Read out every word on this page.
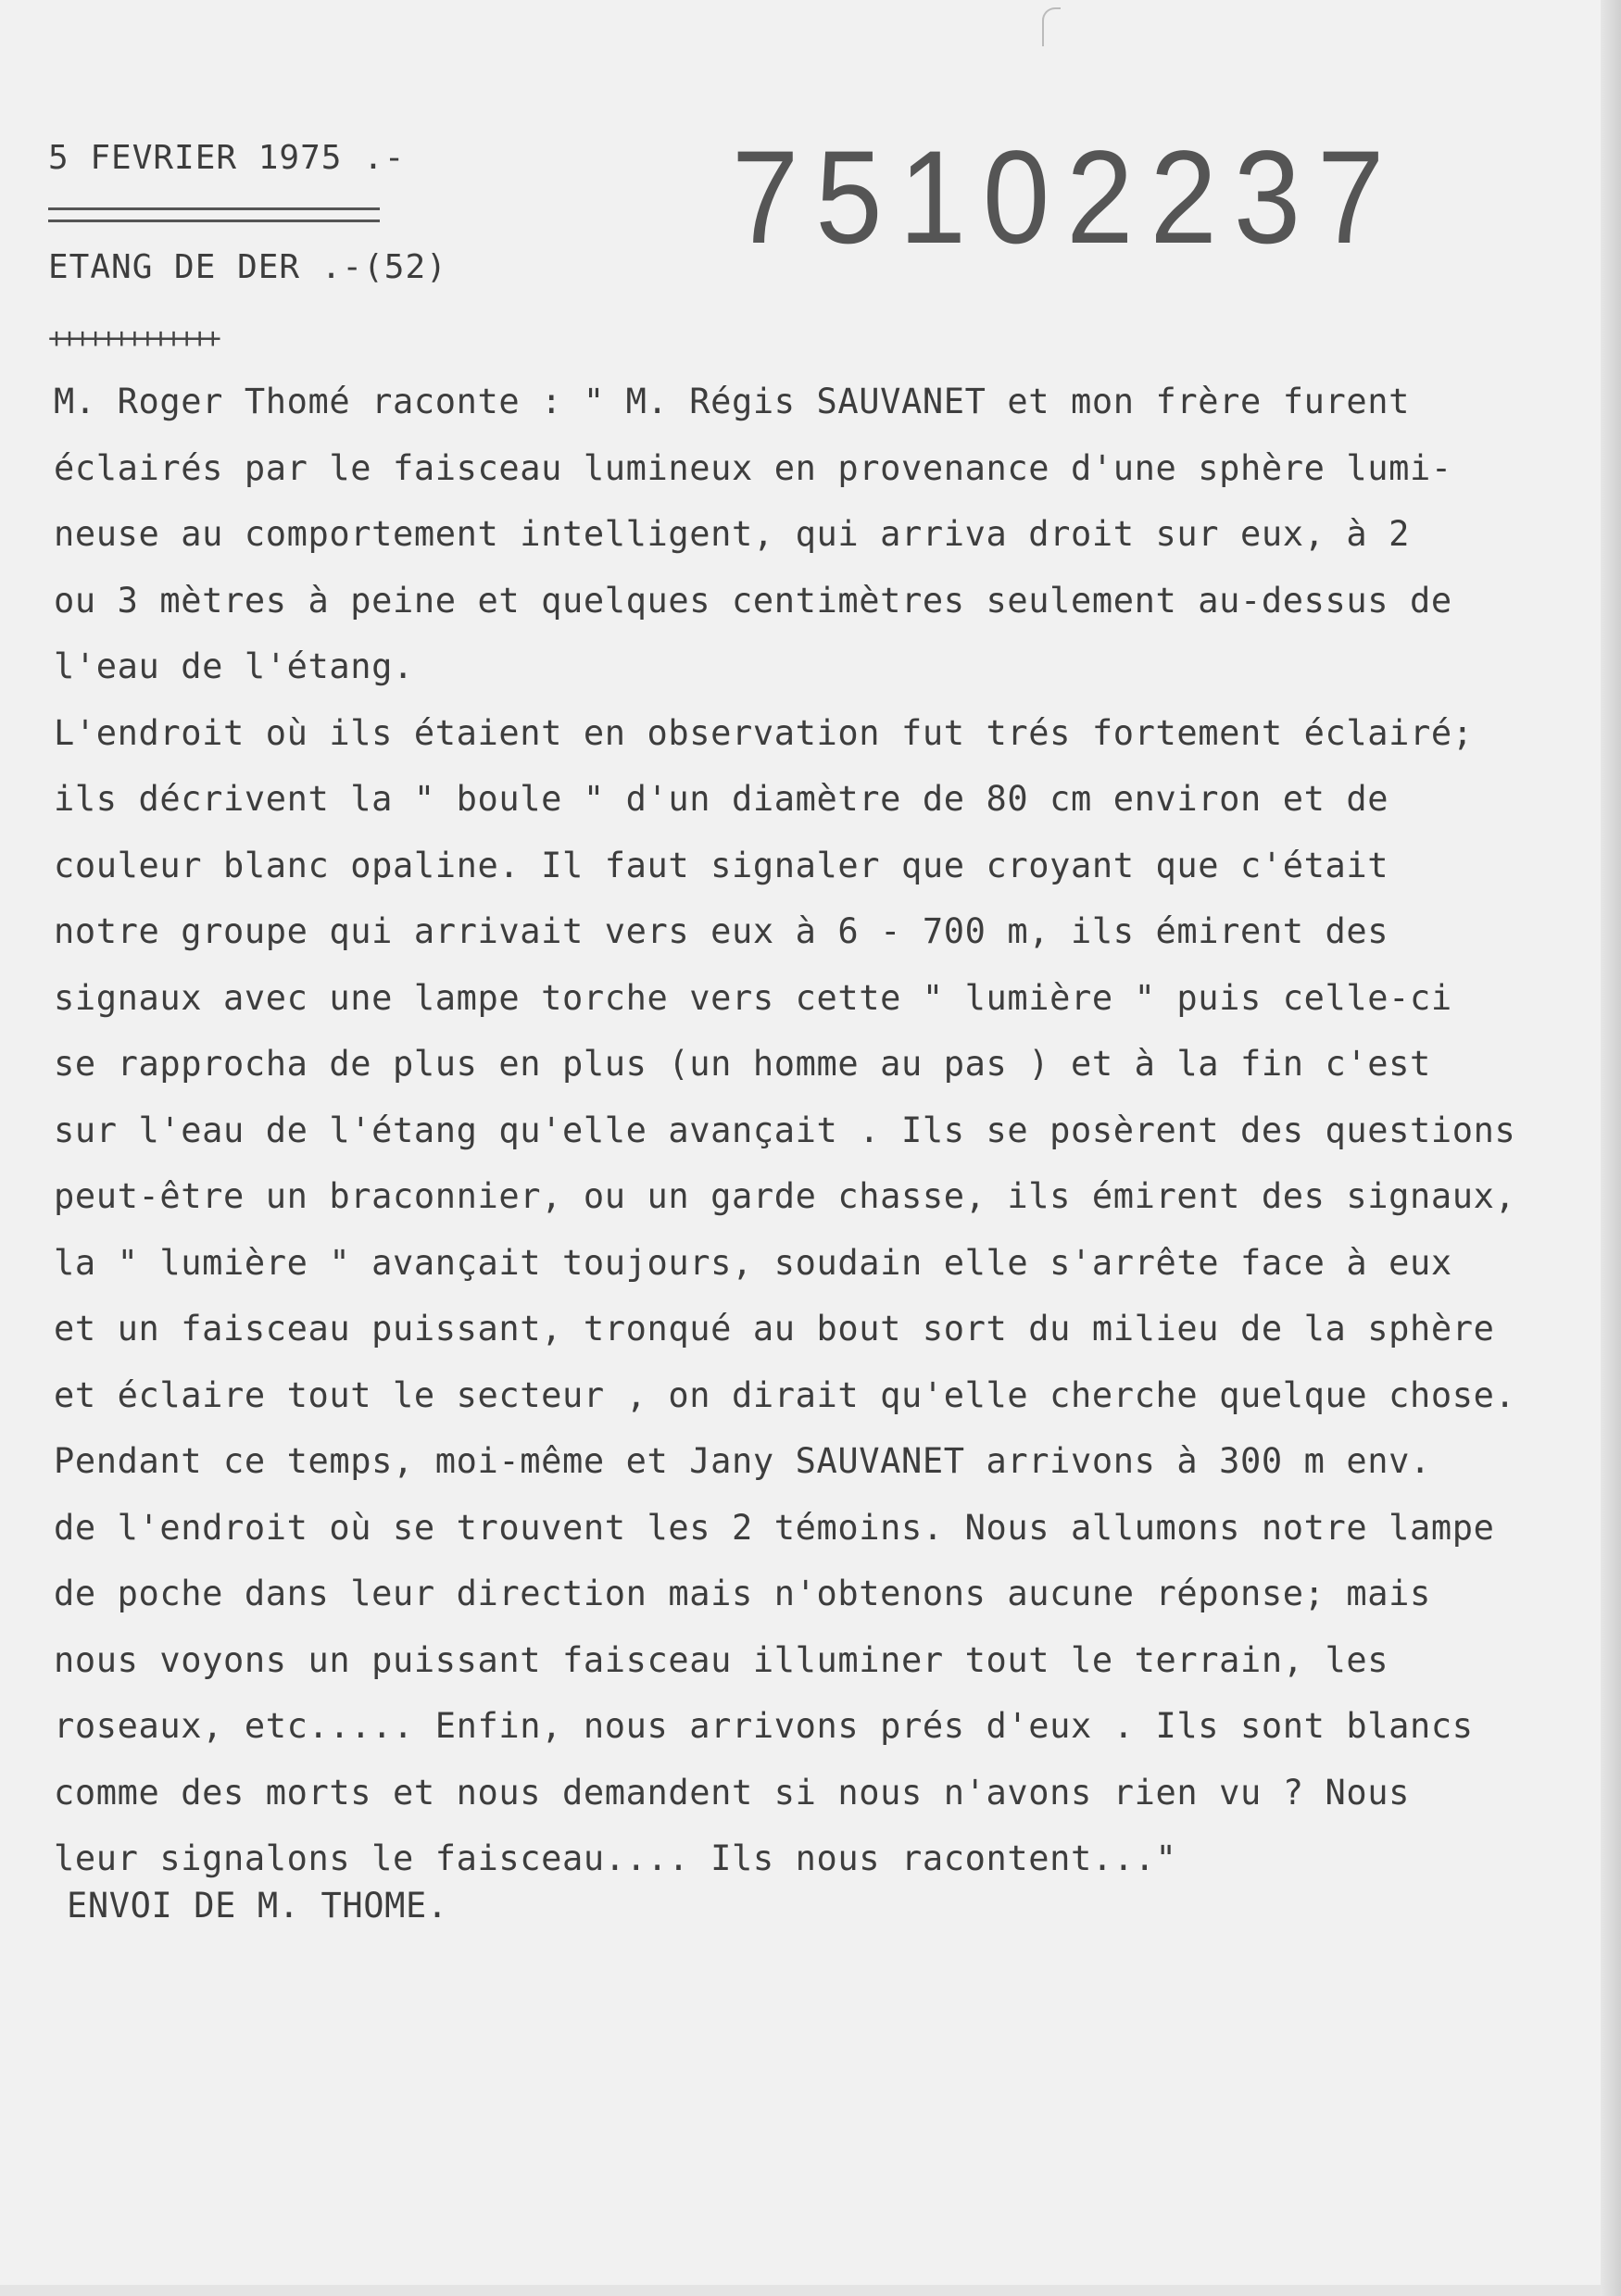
5 FEVRIER 1975 .-	75102237
ETANG DE DER .-(52)
+++++++++++++
M. Roger Thomé raconte : " M. Régis SAUVANET et mon frère furent
éclairés par le faisceau lumineux en provenance d'une sphère lumi-
neuse au comportement intelligent, qui arriva droit sur eux, à 2
ou 3 mètres à peine et quelques centimètres seulement au-dessus de
l'eau de l'étang.
L'endroit où ils étaient en observation fut trés fortement éclairé;
ils décrivent la " boule " d'un diamètre de 80 cm environ et de
couleur blanc opaline. Il faut signaler que croyant que c'était
notre groupe qui arrivait vers eux à 6 - 700 m, ils émirent des
signaux avec une lampe torche vers cette " lumière " puis celle-ci
se rapprocha de plus en plus (un homme au pas ) et à la fin c'est
sur l'eau de l'étang qu'elle avançait . Ils se posèrent des questions
peut-être un braconnier, ou un garde chasse, ils émirent des signaux,
la " lumière " avançait toujours, soudain elle s'arrête face à eux
et un faisceau puissant, tronqué au bout sort du milieu de la sphère
et éclaire tout le secteur , on dirait qu'elle cherche quelque chose.
Pendant ce temps, moi-même et Jany SAUVANET arrivons à 300 m env.
de l'endroit où se trouvent les 2 témoins. Nous allumons notre lampe
de poche dans leur direction mais n'obtenons aucune réponse; mais
nous voyons un puissant faisceau illuminer tout le terrain, les
roseaux, etc..... Enfin, nous arrivons prés d'eux . Ils sont blancs
comme des morts et nous demandent si nous n'avons rien vu ? Nous
leur signalons le faisceau.... Ils nous racontent..."
ENVOI DE M. THOME.
